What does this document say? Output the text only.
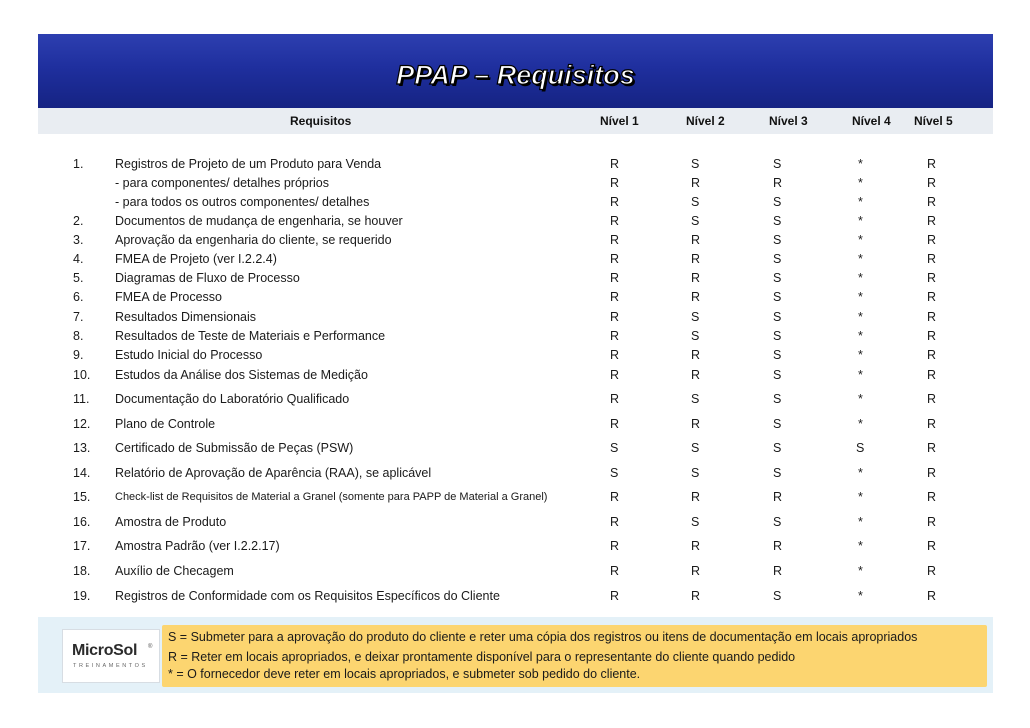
PPAP – Requisitos
Requisitos	Nível 1	Nível 2	Nível 3	Nível 4 Nível 5
1.	Registros de Projeto de um Produto para Venda	R	S	S	*	R
- para componentes/ detalhes próprios	R	R	R	*	R
- para todos os outros componentes/ detalhes	R	S	S	*	R
2.	Documentos de mudança de engenharia, se houver	R	S	S	*	R
3.	Aprovação da engenharia do cliente, se requerido	R	R	S	*	R
4.	FMEA de Projeto (ver I.2.2.4)	R	R	S	*	R
5.	Diagramas de Fluxo de Processo	R	R	S	*	R
6.	FMEA de Processo	R	R	S	*	R
7.	Resultados Dimensionais	R	S	S	*	R
8.	Resultados de Teste de Materiais e Performance	R	S	S	*	R
9.	Estudo Inicial do Processo	R	R	S	*	R
10. Estudos da Análise dos Sistemas de Medição	R	R	S	*	R
11. Documentação do Laboratório Qualificado	R	S	S	*	R
12. Plano de Controle	R	R	S	*	R
13. Certificado de Submissão de Peças (PSW)	S	S	S	S	R
14. Relatório de Aprovação de Aparência (RAA), se aplicável	S	S	S	*	R
15. Check-list de Requisitos de Material a Granel (somente para PAPP de Material a Granel)	R	R	R	*	R
16. Amostra de Produto	R	S	S	*	R
17. Amostra Padrão (ver I.2.2.17)	R	R	R	*	R
18. Auxílio de Checagem	R	R	R	*	R
19. Registros de Conformidade com os Requisitos Específicos do Cliente	R	R	S	*	R
MicroSol ®
TREINAMENTOS
S = Submeter para a aprovação do produto do cliente e reter uma cópia dos registros ou itens de documentação em locais apropriados
R = Reter em locais apropriados, e deixar prontamente disponível para o representante do cliente quando pedido
* = O fornecedor deve reter em locais apropriados, e submeter sob pedido do cliente.
